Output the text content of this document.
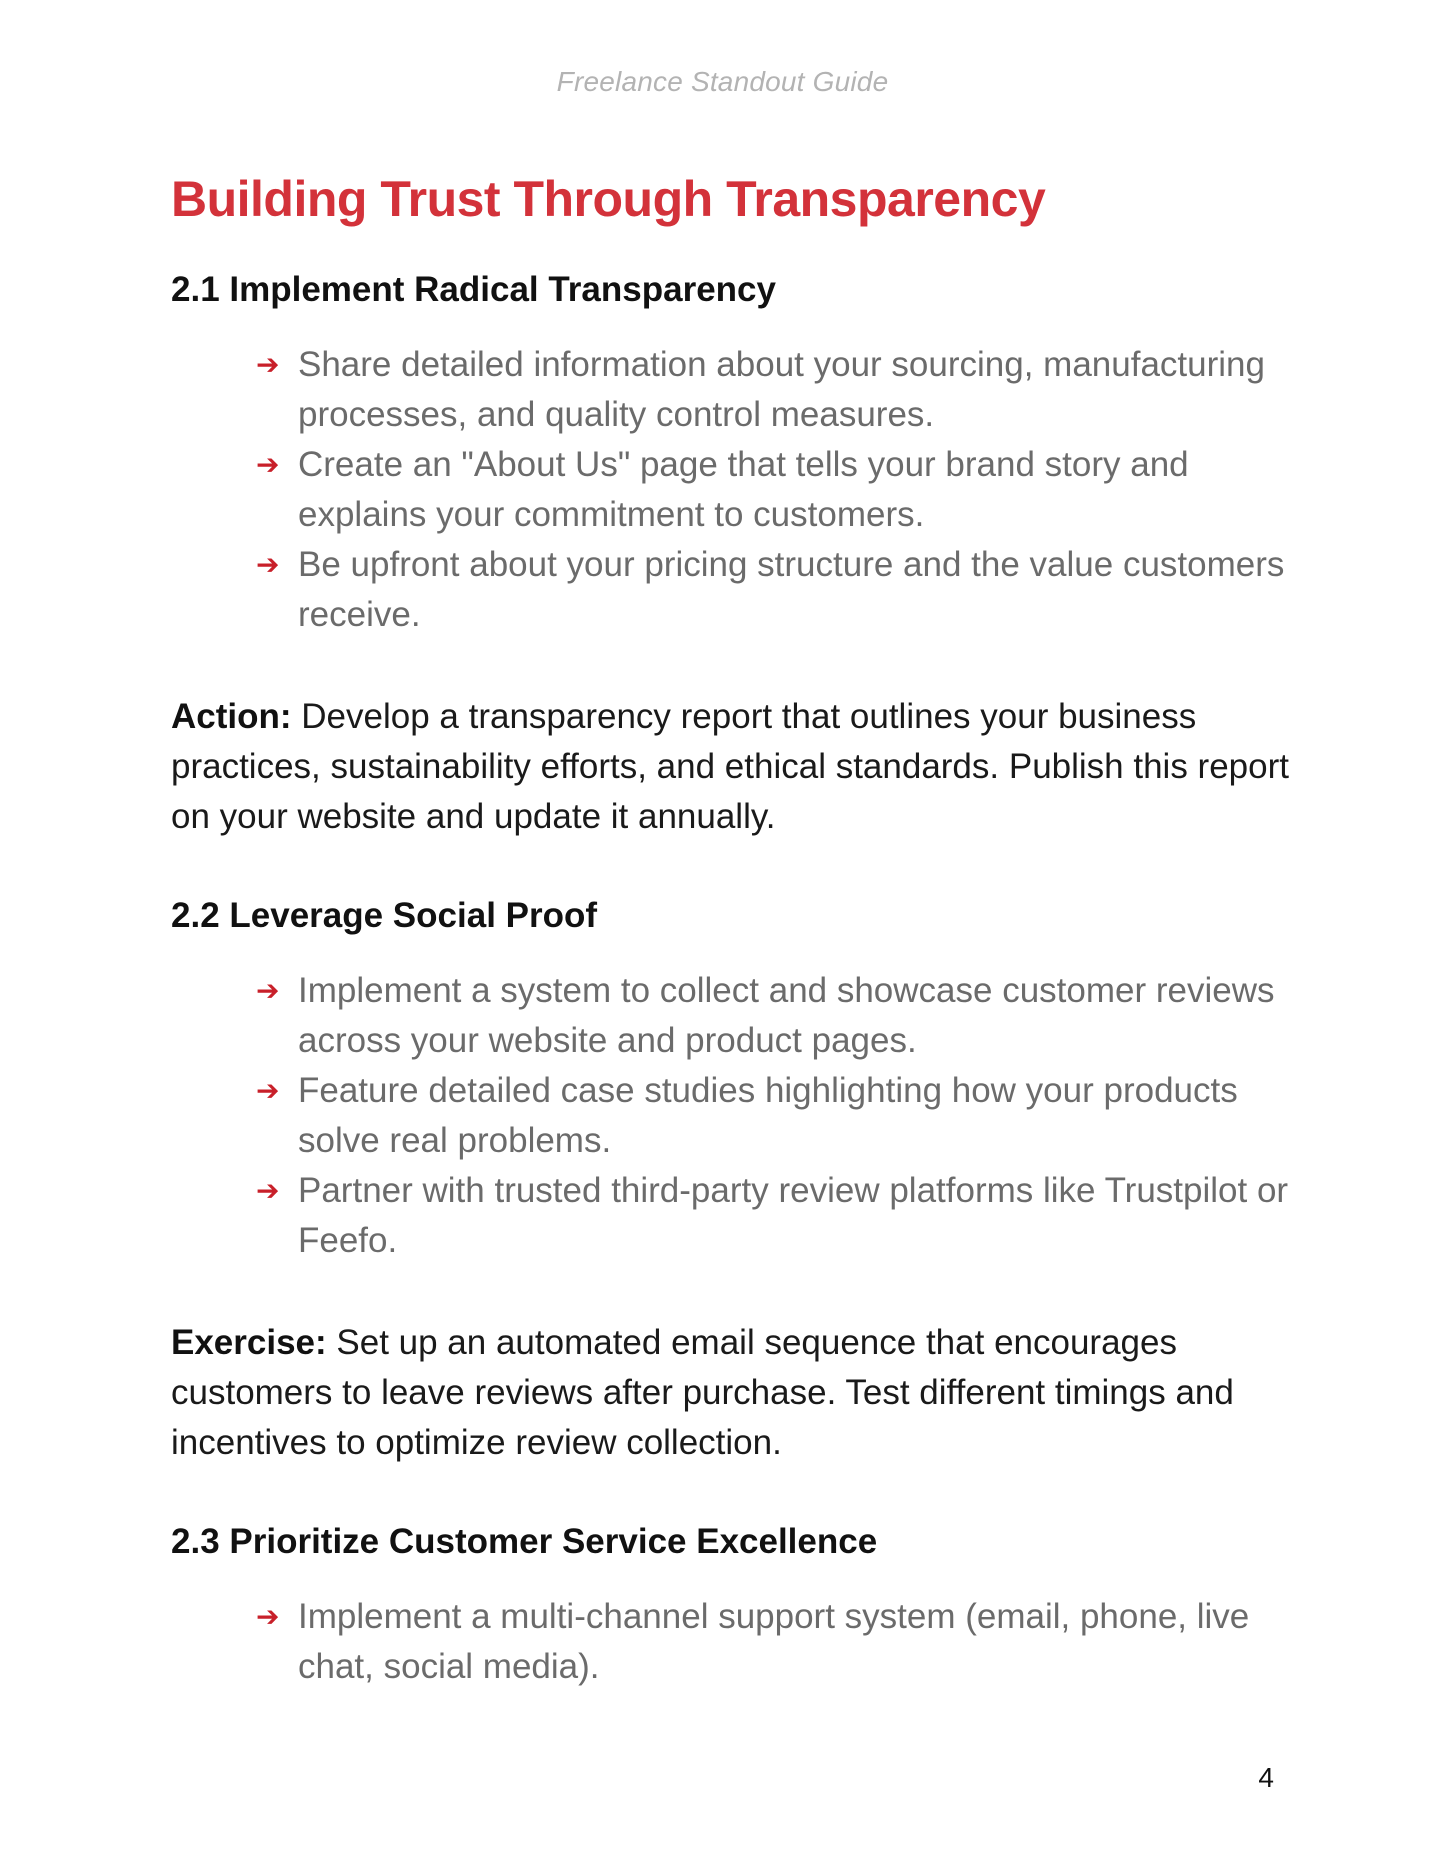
Freelance Standout Guide
Building Trust Through Transparency
2.1 Implement Radical Transparency
➔ Share detailed information about your sourcing, manufacturing processes, and quality control measures.
➔ Create an "About Us" page that tells your brand story and explains your commitment to customers.
➔ Be upfront about your pricing structure and the value customers receive.

Action: Develop a transparency report that outlines your business practices, sustainability efforts, and ethical standards. Publish this report on your website and update it annually.

2.2 Leverage Social Proof
➔ Implement a system to collect and showcase customer reviews across your website and product pages.
➔ Feature detailed case studies highlighting how your products solve real problems.
➔ Partner with trusted third-party review platforms like Trustpilot or Feefo.

Exercise: Set up an automated email sequence that encourages customers to leave reviews after purchase. Test different timings and incentives to optimize review collection.

2.3 Prioritize Customer Service Excellence
➔ Implement a multi-channel support system (email, phone, live chat, social media).
4
